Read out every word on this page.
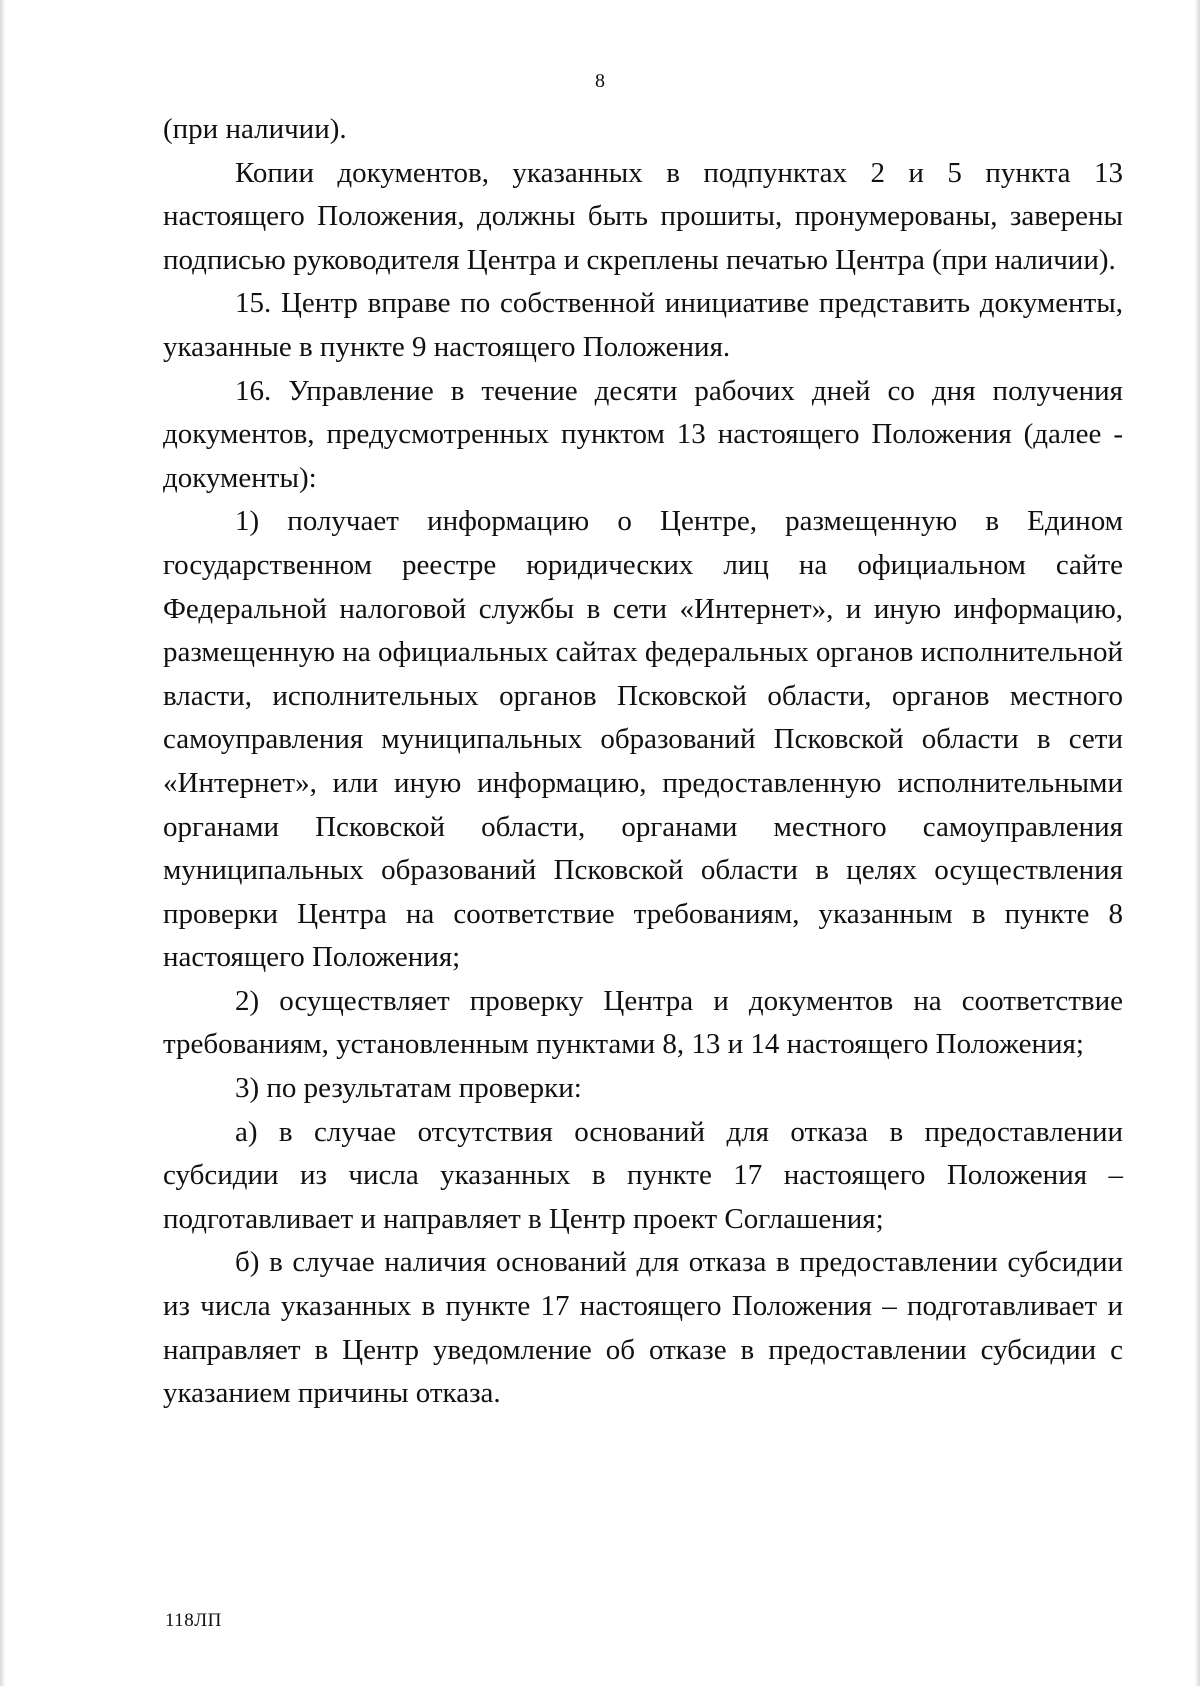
8

(при наличии).

Копии документов, указанных в подпунктах 2 и 5 пункта 13 настоящего Положения, должны быть прошиты, пронумерованы, заверены подписью руководителя Центра и скреплены печатью Центра (при наличии).

15. Центр вправе по собственной инициативе представить документы, указанные в пункте 9 настоящего Положения.

16. Управление в течение десяти рабочих дней со дня получения документов, предусмотренных пунктом 13 настоящего Положения (далее - документы):

1) получает информацию о Центре, размещенную в Едином государственном реестре юридических лиц на официальном сайте Федеральной налоговой службы в сети «Интернет», и иную информацию, размещенную на официальных сайтах федеральных органов исполнительной власти, исполнительных органов Псковской области, органов местного самоуправления муниципальных образований Псковской области в сети «Интернет», или иную информацию, предоставленную исполнительными органами Псковской области, органами местного самоуправления муниципальных образований Псковской области в целях осуществления проверки Центра на соответствие требованиям, указанным в пункте 8 настоящего Положения;

2) осуществляет проверку Центра и документов на соответствие требованиям, установленным пунктами 8, 13 и 14 настоящего Положения;

3) по результатам проверки:

а) в случае отсутствия оснований для отказа в предоставлении субсидии из числа указанных в пункте 17 настоящего Положения – подготавливает и направляет в Центр проект Соглашения;

б) в случае наличия оснований для отказа в предоставлении субсидии из числа указанных в пункте 17 настоящего Положения – подготавливает и направляет в Центр уведомление об отказе в предоставлении субсидии с указанием причины отказа.

118ЛП
